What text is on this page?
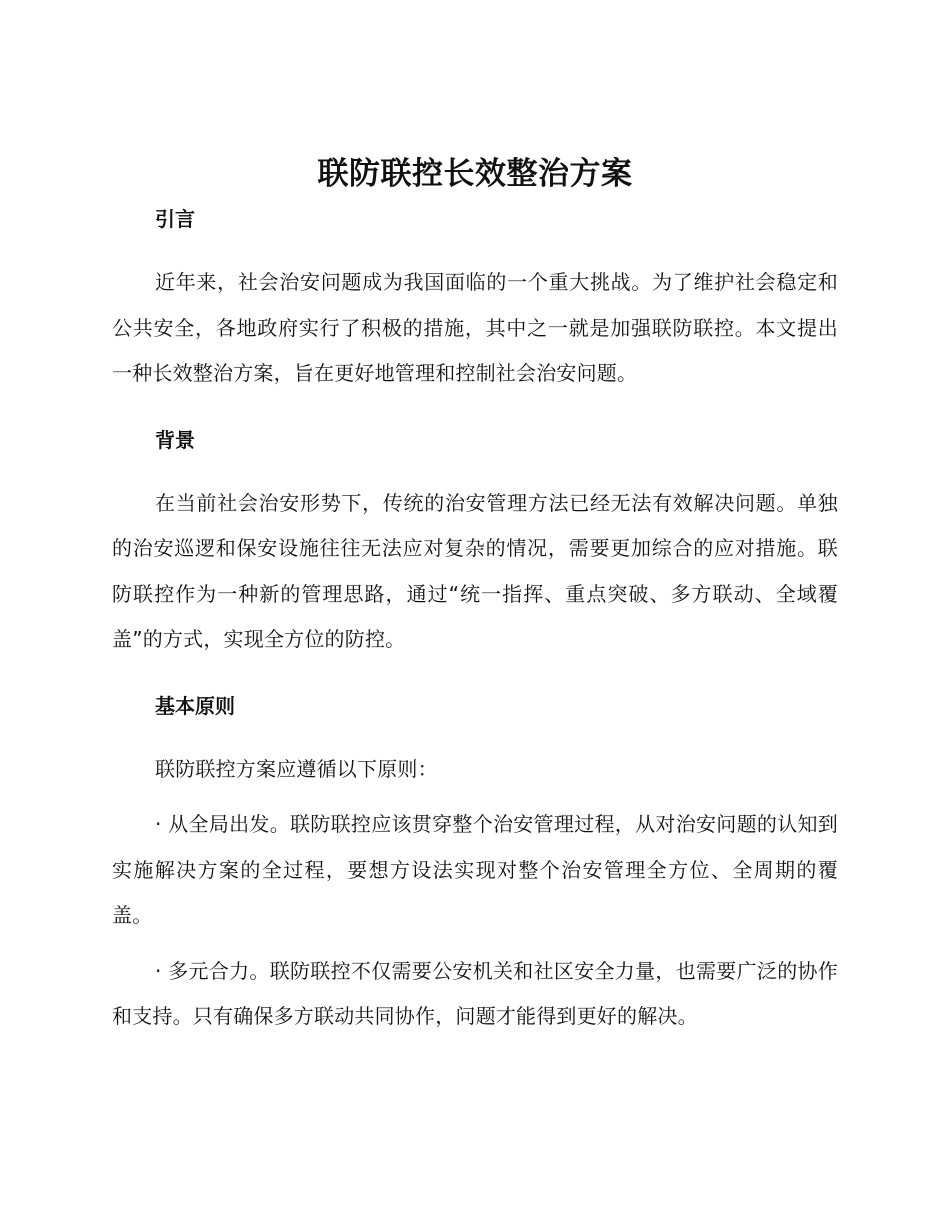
联防联控长效整治方案
引言

近年来，社会治安问题成为我国面临的一个重大挑战。为了维护社会稳定和公共安全，各地政府实行了积极的措施，其中之一就是加强联防联控。本文提出一种长效整治方案，旨在更好地管理和控制社会治安问题。

背景

在当前社会治安形势下，传统的治安管理方法已经无法有效解决问题。单独的治安巡逻和保安设施往往无法应对复杂的情况，需要更加综合的应对措施。联防联控作为一种新的管理思路，通过“统一指挥、重点突破、多方联动、全域覆盖”的方式，实现全方位的防控。

基本原则

联防联控方案应遵循以下原则：

· 从全局出发。联防联控应该贯穿整个治安管理过程，从对治安问题的认知到实施解决方案的全过程，要想方设法实现对整个治安管理全方位、全周期的覆盖。

· 多元合力。联防联控不仅需要公安机关和社区安全力量，也需要广泛的协作和支持。只有确保多方联动共同协作，问题才能得到更好的解决。
